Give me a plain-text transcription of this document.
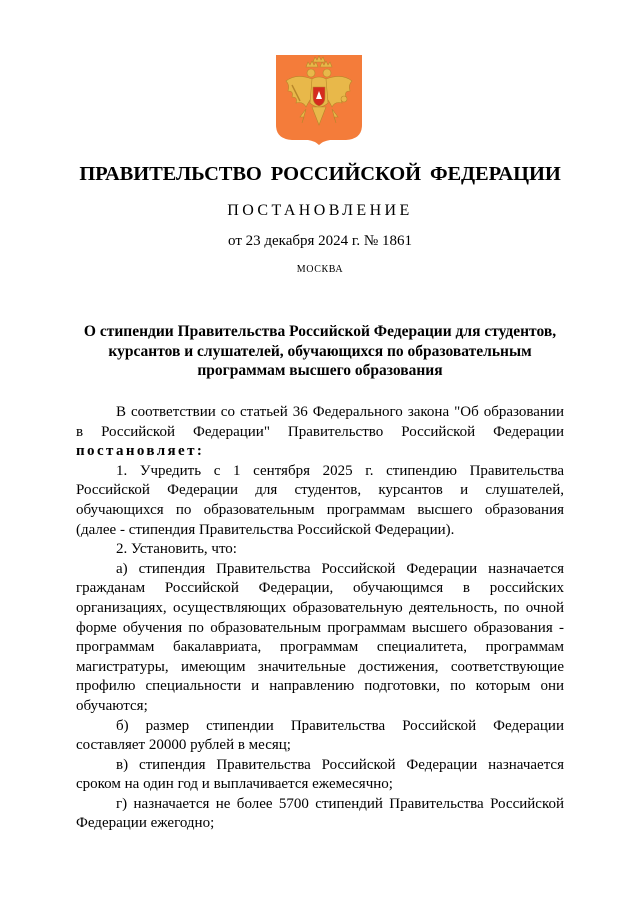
ПРАВИТЕЛЬСТВО РОССИЙСКОЙ ФЕДЕРАЦИИ
ПОСТАНОВЛЕНИЕ
от 23 декабря 2024 г. № 1861
МОСКВА
О стипендии Правительства Российской Федерации для студентов, курсантов и слушателей, обучающихся по образовательным программам высшего образования

В соответствии со статьей 36 Федерального закона "Об образовании в Российской Федерации" Правительство Российской Федерации постановляет:

1. Учредить с 1 сентября 2025 г. стипендию Правительства Российской Федерации для студентов, курсантов и слушателей, обучающихся по образовательным программам высшего образования (далее - стипендия Правительства Российской Федерации).

2. Установить, что:

а) стипендия Правительства Российской Федерации назначается гражданам Российской Федерации, обучающимся в российских организациях, осуществляющих образовательную деятельность, по очной форме обучения по образовательным программам высшего образования - программам бакалавриата, программам специалитета, программам магистратуры, имеющим значительные достижения, соответствующие профилю специальности и направлению подготовки, по которым они обучаются;

б) размер стипендии Правительства Российской Федерации составляет 20000 рублей в месяц;

в) стипендия Правительства Российской Федерации назначается сроком на один год и выплачивается ежемесячно;

г) назначается не более 5700 стипендий Правительства Российской Федерации ежегодно;
